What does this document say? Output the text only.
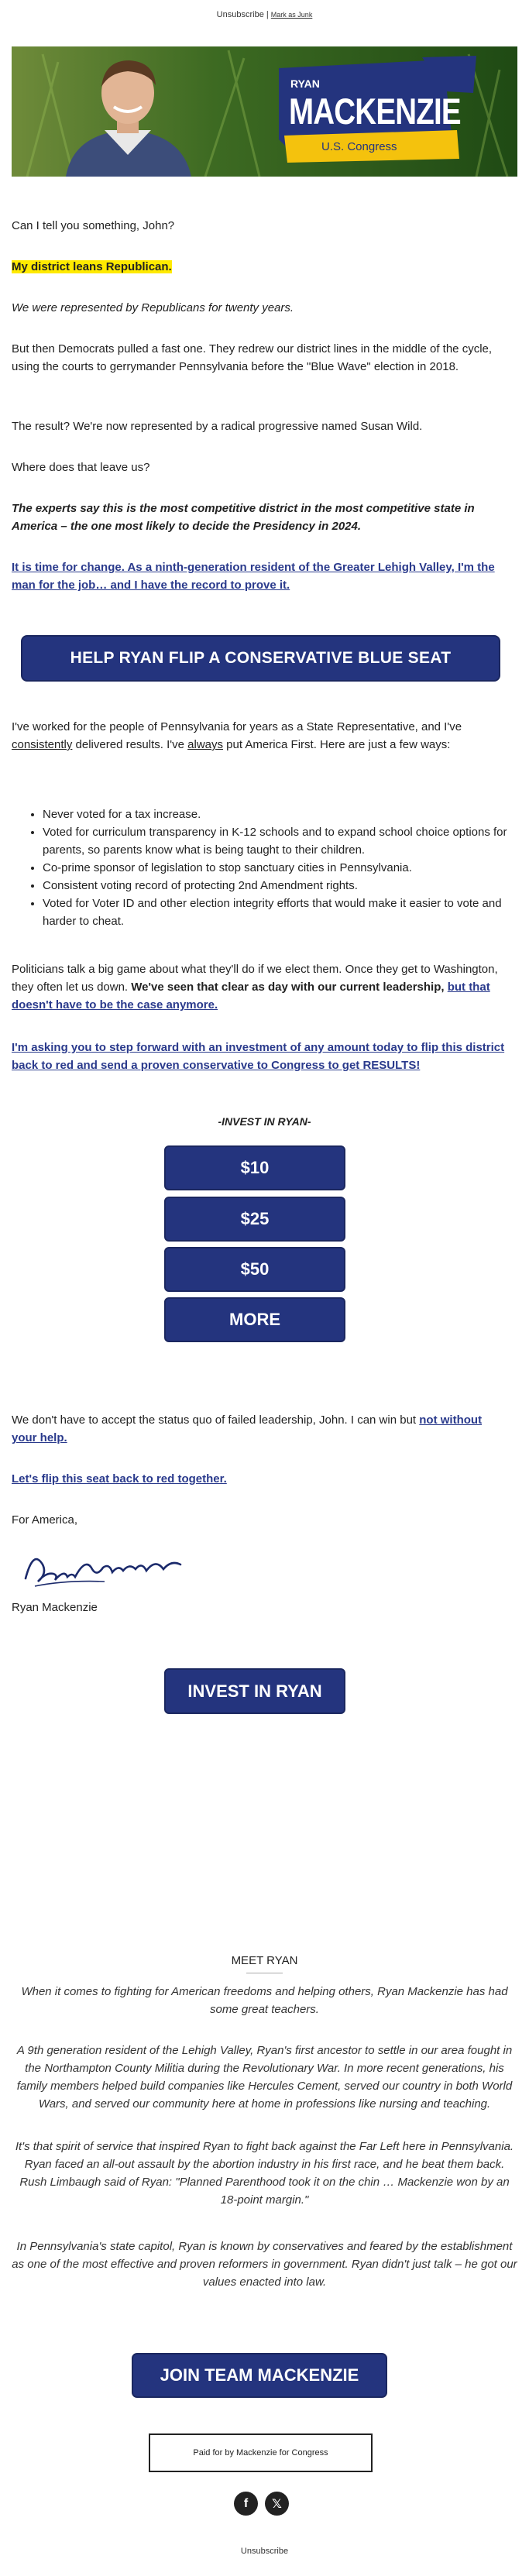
Unsubscribe | Mark as Junk
RYAN
MACKENZIE
U.S. Congress

Can I tell you something, John?

My district leans Republican.

We were represented by Republicans for twenty years.

But then Democrats pulled a fast one. They redrew our district lines in the middle of the cycle, using the courts to gerrymander Pennsylvania before the "Blue Wave" election in 2018.

The result? We're now represented by a radical progressive named Susan Wild.

Where does that leave us?

The experts say this is the most competitive district in the most competitive state in America – the one most likely to decide the Presidency in 2024.

It is time for change. As a ninth-generation resident of the Greater Lehigh Valley, I'm the man for the job… and I have the record to prove it.

HELP RYAN FLIP A CONSERVATIVE BLUE SEAT

I've worked for the people of Pennsylvania for years as a State Representative, and I've consistently delivered results. I've always put America First. Here are just a few ways:

• Never voted for a tax increase.
• Voted for curriculum transparency in K-12 schools and to expand school choice options for parents, so parents know what is being taught to their children.
• Co-prime sponsor of legislation to stop sanctuary cities in Pennsylvania.
• Consistent voting record of protecting 2nd Amendment rights.
• Voted for Voter ID and other election integrity efforts that would make it easier to vote and harder to cheat.

Politicians talk a big game about what they'll do if we elect them. Once they get to Washington, they often let us down. We've seen that clear as day with our current leadership, but that doesn't have to be the case anymore.

I'm asking you to step forward with an investment of any amount today to flip this district back to red and send a proven conservative to Congress to get RESULTS!

-INVEST IN RYAN-
$10
$25
$50
MORE

We don't have to accept the status quo of failed leadership, John. I can win but not without your help.

Let's flip this seat back to red together.

For America,

Ryan Mackenzie

INVEST IN RYAN
MEET RYAN

When it comes to fighting for American freedoms and helping others, Ryan Mackenzie has had some great teachers.

A 9th generation resident of the Lehigh Valley, Ryan's first ancestor to settle in our area fought in the Northampton County Militia during the Revolutionary War. In more recent generations, his family members helped build companies like Hercules Cement, served our country in both World Wars, and served our community here at home in professions like nursing and teaching.

It's that spirit of service that inspired Ryan to fight back against the Far Left here in Pennsylvania. Ryan faced an all-out assault by the abortion industry in his first race, and he beat them back. Rush Limbaugh said of Ryan: "Planned Parenthood took it on the chin … Mackenzie won by an 18-point margin."

In Pennsylvania's state capitol, Ryan is known by conservatives and feared by the establishment as one of the most effective and proven reformers in government. Ryan didn't just talk – he got our values enacted into law.

JOIN TEAM MACKENZIE
Paid for by Mackenzie for Congress
f	𝕏
Unsubscribe
